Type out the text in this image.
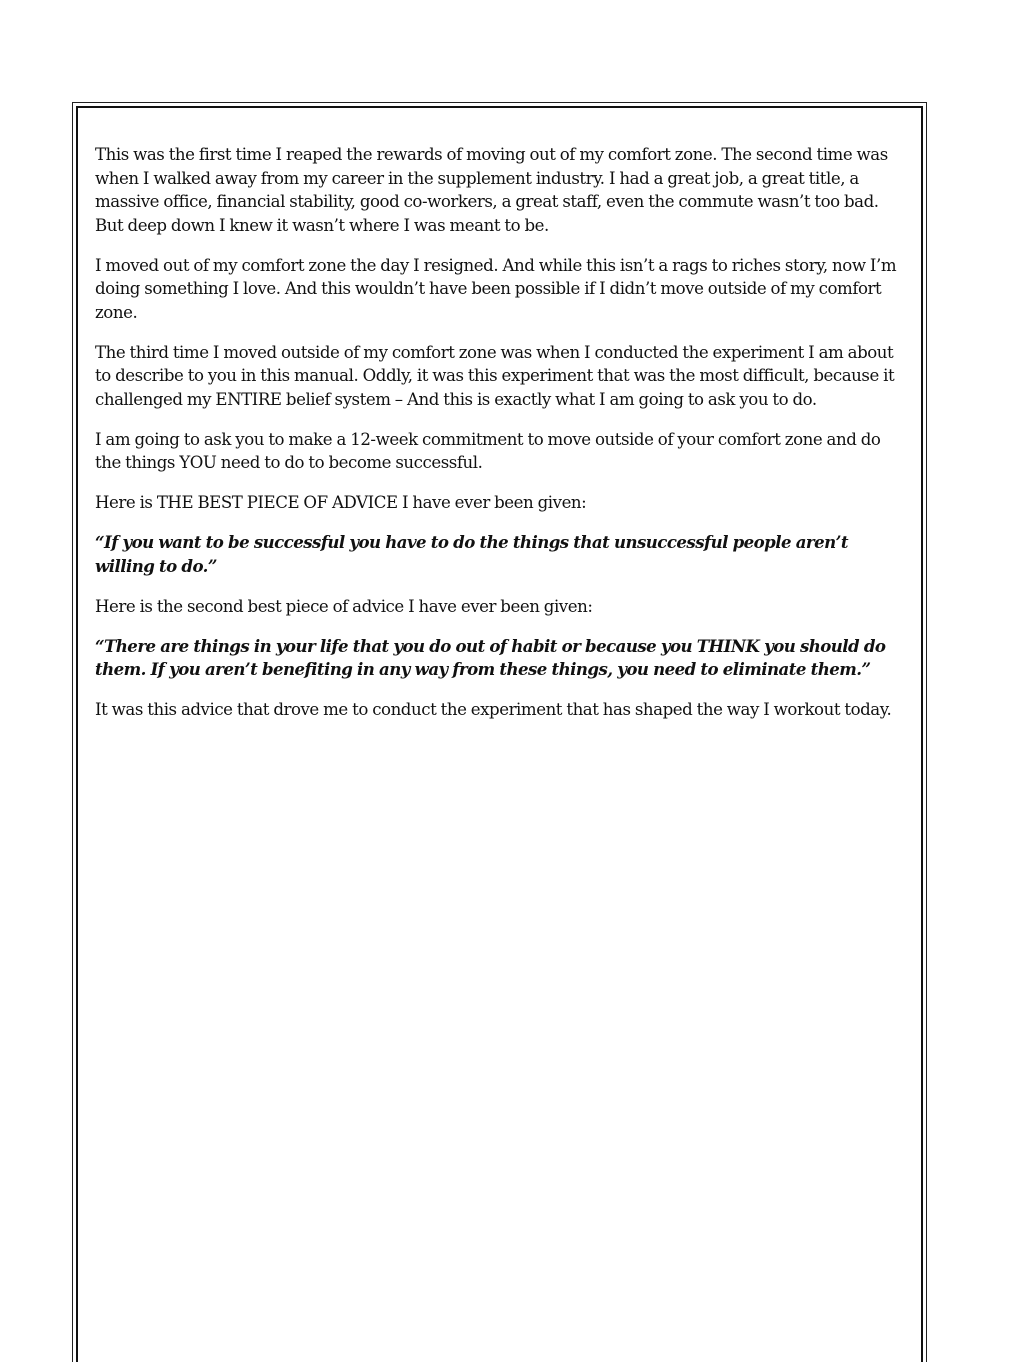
This was the first time I reaped the rewards of moving out of my comfort zone. The second time was when I walked away from my career in the supplement industry. I had a great job, a great title, a massive office, financial stability, good co-workers, a great staff, even the commute wasn’t too bad. But deep down I knew it wasn’t where I was meant to be.

I moved out of my comfort zone the day I resigned. And while this isn’t a rags to riches story, now I’m doing something I love. And this wouldn’t have been possible if I didn’t move outside of my comfort zone.

The third time I moved outside of my comfort zone was when I conducted the experiment I am about to describe to you in this manual. Oddly, it was this experiment that was the most difficult, because it challenged my ENTIRE belief system – And this is exactly what I am going to ask you to do.

I am going to ask you to make a 12-week commitment to move outside of your comfort zone and do the things YOU need to do to become successful.

Here is THE BEST PIECE OF ADVICE I have ever been given:

“If you want to be successful you have to do the things that unsuccessful people aren’t willing to do.”

Here is the second best piece of advice I have ever been given:

“There are things in your life that you do out of habit or because you THINK you should do them. If you aren’t benefiting in any way from these things, you need to eliminate them.”

It was this advice that drove me to conduct the experiment that has shaped the way I workout today.
